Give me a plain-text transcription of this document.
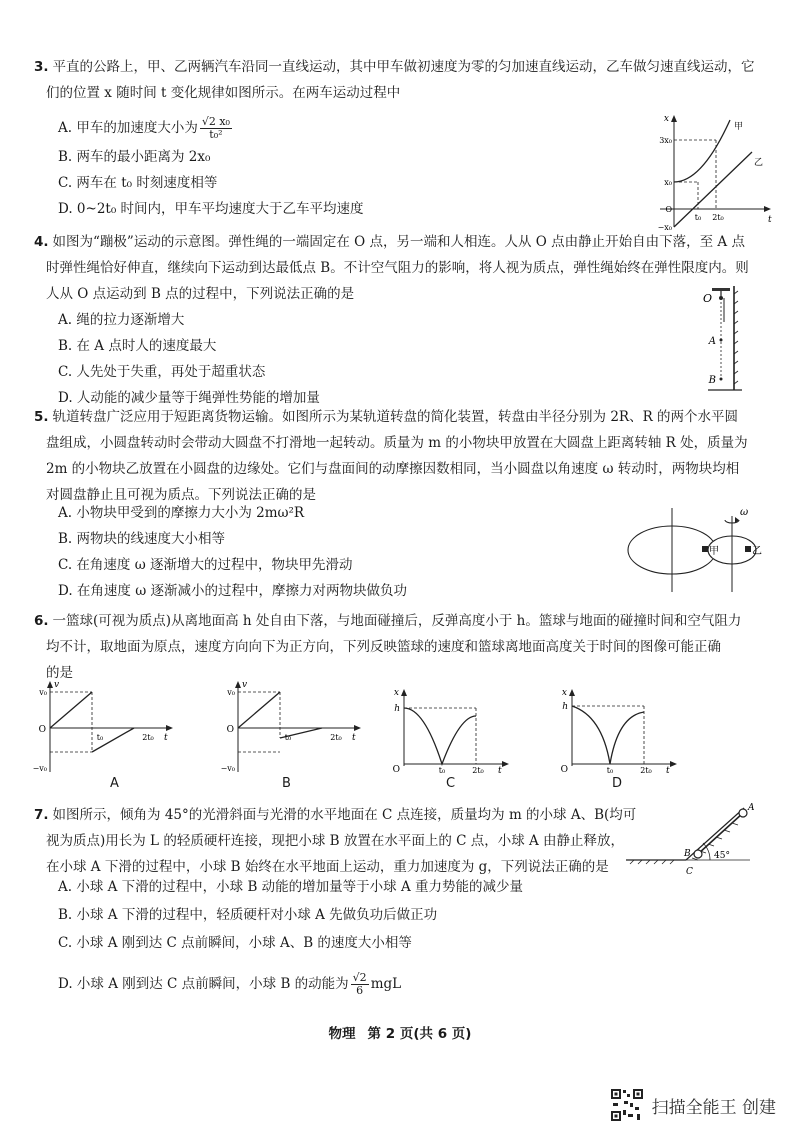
3. 平直的公路上，甲、乙两辆汽车沿同一直线运动，其中甲车做初速度为零的匀加速直线运动，乙车做匀速直线运动，它
们的位置 x 随时间 t 变化规律如图所示。在两车运动过程中
A. 甲车的加速度大小为 $\frac{\text{√2 x₀}}{\text{t₀²}}$
B. 两车的最小距离为 2x₀
C. 两车在 t₀ 时刻速度相等
D. 0~2t₀ 时间内，甲车平均速度大于乙车平均速度
x
t
3x₀
x₀
O
−x₀
t₀ 2t₀
甲
乙
4. 如图为“蹦极”运动的示意图。弹性绳的一端固定在 O 点，另一端和人相连。人从 O 点由静止开始自由下落，至 A 点
时弹性绳恰好伸直，继续向下运动到达最低点 B。不计空气阻力的影响，将人视为质点，弹性绳始终在弹性限度内。则
人从 O 点运动到 B 点的过程中，下列说法正确的是
A. 绳的拉力逐渐增大
B. 在 A 点时人的速度最大
C. 人先处于失重，再处于超重状态
D. 人动能的减少量等于绳弹性势能的增加量
O
A
B
5. 轨道转盘广泛应用于短距离货物运输。如图所示为某轨道转盘的简化装置，转盘由半径分别为 2R、R 的两个水平圆
盘组成，小圆盘转动时会带动大圆盘不打滑地一起转动。质量为 m 的小物块甲放置在大圆盘上距离转轴 R 处，质量为
2m 的小物块乙放置在小圆盘的边缘处。它们与盘面间的动摩擦因数相同，当小圆盘以角速度 ω 转动时，两物块均相
对圆盘静止且可视为质点。下列说法正确的是
A. 小物块甲受到的摩擦力大小为 2mω²R
B. 两物块的线速度大小相等
C. 在角速度 ω 逐渐增大的过程中，物块甲先滑动
D. 在角速度 ω 逐渐减小的过程中，摩擦力对两物块做负功
ω
甲	乙
6. 一篮球(可视为质点)从离地面高 h 处自由下落，与地面碰撞后，反弹高度小于 h。篮球与地面的碰撞时间和空气阻力
均不计，取地面为原点，速度方向向下为正方向，下列反映篮球的速度和篮球离地面高度关于时间的图像可能正确
的是
v
v₀
O
−v₀
t₀	2t₀ t
A
v
v₀
O
−v₀
t₀	2t₀ t
B
x
h
O	t₀	2t₀ t
C
x
h
O	t₀	2t₀ t
D
7. 如图所示，倾角为 45°的光滑斜面与光滑的水平地面在 C 点连接，质量均为 m 的小球 A、B(均可
视为质点)用长为 L 的轻质硬杆连接，现把小球 B 放置在水平面上的 C 点，小球 A 由静止释放，
在小球 A 下滑的过程中，小球 B 始终在水平地面上运动，重力加速度为 g，下列说法正确的是
A. 小球 A 下滑的过程中，小球 B 动能的增加量等于小球 A 重力势能的减少量
B. 小球 A 下滑的过程中，轻质硬杆对小球 A 先做负功后做正功
C. 小球 A 刚到达 C 点前瞬间，小球 A、B 的速度大小相等
D. 小球 A 刚到达 C 点前瞬间，小球 B 的动能为 $\frac{√2}{6}$ mgL
45°
A
B
C
物理 第 2 页(共 6 页)
扫描全能王 创建
